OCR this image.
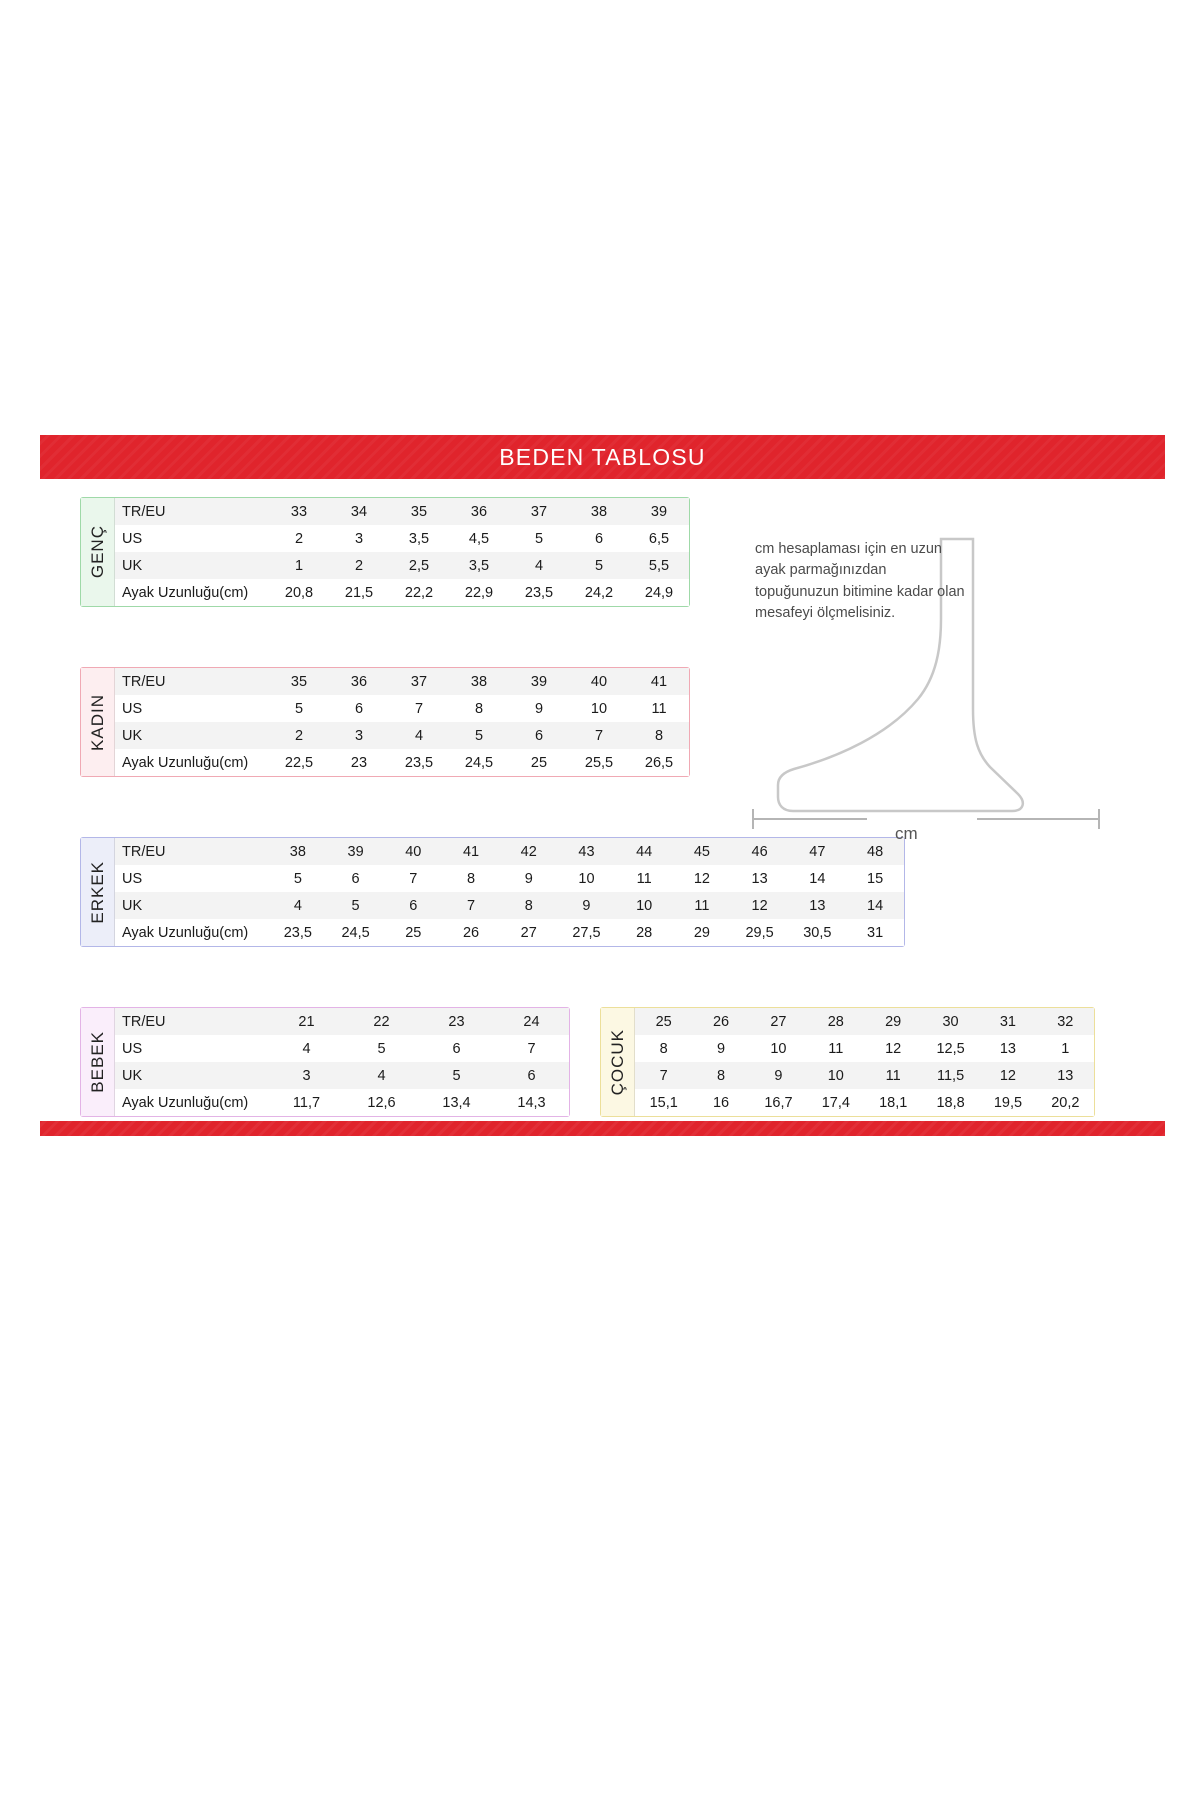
BEDEN TABLOSU
GENÇ
TR/EU	33	34	35	36	37	38	39
US	2	3	3,5	4,5	5	6	6,5
UK	1	2	2,5	3,5	4	5	5,5
Ayak Uzunluğu(cm)	20,8	21,5	22,2	22,9	23,5	24,2	24,9
KADIN
TR/EU	35	36	37	38	39	40	41
US	5	6	7	8	9	10	11
UK	2	3	4	5	6	7	8
Ayak Uzunluğu(cm)	22,5	23	23,5	24,5	25	25,5	26,5
ERKEK
TR/EU	38	39	40	41	42	43	44	45	46	47	48
US	5	6	7	8	9	10	11	12	13	14	15
UK	4	5	6	7	8	9	10	11	12	13	14
Ayak Uzunluğu(cm)	23,5	24,5	25	26	27	27,5	28	29	29,5	30,5	31
BEBEK
TR/EU	21	22	23	24
US	4	5	6	7
UK	3	4	5	6
Ayak Uzunluğu(cm)	11,7	12,6	13,4	14,3
ÇOCUK
25	26	27	28	29	30	31	32
8	9	10	11	12	12,5	13	1
7	8	9	10	11	11,5	12	13
15,1	16	16,7	17,4	18,1	18,8	19,5	20,2
cm
cm hesaplaması için en uzun ayak parmağınızdan topuğunuzun bitimine kadar olan mesafeyi ölçmelisiniz.
